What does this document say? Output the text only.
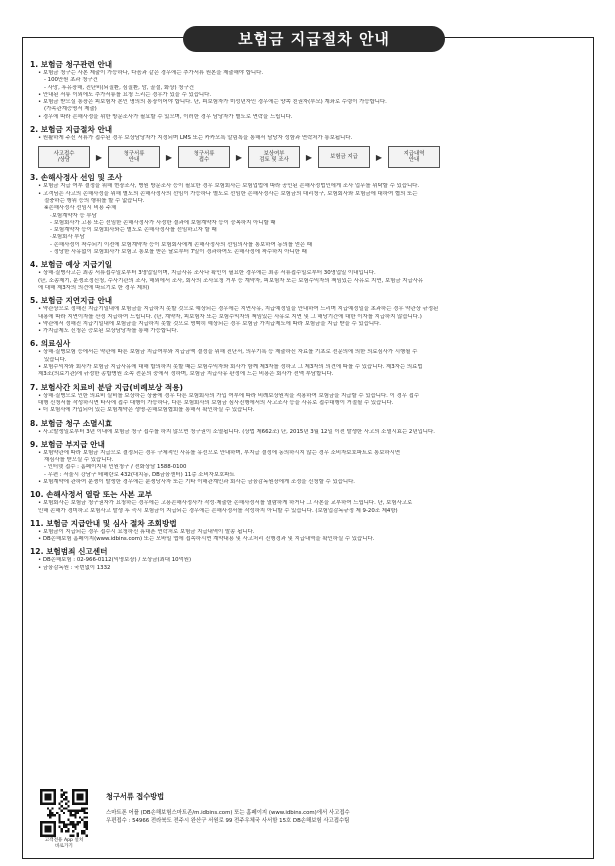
보험금 지급절차 안내
1. 보험금 청구관련 안내
• 보험금 청구는 사본 제출이 가능하나, 다음과 같은 경우에는 추가서류 원본을 제출해야 합니다.
- 100만원 초과 청구건
- 사망, 후유장해, 진단비(뇌질환, 심질환, 암, 골절, 화상) 청구건
• 안내된 서류 이외에도 추가서류를 요청 드리는 경우가 있을 수 있습니다.
• 보험금 받으실 통장은 피보험자 본인 명의의 통장이어야 합니다. 단, 피보험자가 미성년자인 경우에는 양쪽 친권자(부모) 계좌로 수령이 가능합니다.
(가족관계증명서 제출)
• 경우에 따라 손해사정을 위한 방문조사가 필요할 수 있으며, 이러한 경우 담당자가 별도로 연락을 드립니다.
2. 보험금 지급절차 안내
• 원활하게 주신 서류가 접수된 경우 보상담당자가 지정되며 LMS 또는 카카오톡 알림톡을 통해서 담당자 성함과 연락처가 통보됩니다.
사고접수
/상담	▶	청구서류
안내	▶	청구서류
접수	▶	보상여부
검토 및 조사	▶	보험금 지급	▶	지급내역
안내
3. 손해사정사 선임 및 조사
• 보험금 지급 여부 결정을 위해 현장조사, 병원 방문조사 등이 필요한 경우 보험회사는 보험업법에 따라 공인된 손해사정법인에게 조사 업무를 위탁할 수 있습니다.
• 고객님은 사고의 손해사정을 위해 별도의 손해사정사의 선임이 가능하나 별도로 선임한 손해사정사는 보험금의 대리청구, 보험회사와 보험금에 대하여 협의 또는
절충하는 행위 등의 행위를 할 수 없습니다.
※손해사정사 선임시 비용 주체
·보험계약자 등 부담
- 보험회사가 고용 또는 선임한 손해사정사가 사정한 결과에 보험계약자 등이 승복하지 아니할 때
- 보험계약자 등이 보험회사와는 별도로 손해사정사를 선임하고자 할 때
·보험회사 부담
- 손해사정이 착수되기 이전에 보험계약자 등이 보험회사에게 손해사정사의 선임의사를 통보하여 동의를 얻은 때
- 정당한 사유없이 보험회사가 보험고 통보를 받은 날로부터 7일이 경과하여도 손해사정에 착수하지 아니한 때
4. 보험금 예상 지급기일
• 상해·질병사고는 최종 서류접수일로부터 3영업일이며, 지급사유 조사나 확인이 필요한 경우에는 최종 서류접수일로부터 30영업일 이내입니다.
(단, 소송제기, 분쟁조정신청, 수사기관의 조사, 해외에서 조사, 회사의 조사요청 거부 등 계약자, 피보험자 또는 보험수익자의 책임있는 사유로 지연, 보험금 지급사유
에 대해 제3자의 의견에 따르기로 한 경우 제외)
5. 보험금 지연지급 안내
• 약관상으로 정해진 지급기일내에 보험금을 지급하지 못할 것으로 예상되는 경우에는 지연사유, 지급예정일을 안내하여 드리며 지급예정일을 초과하는 경우 약관상 규정된
내용에 따라 지연이자를 산정 지급하여 드립니다. (단, 계약자, 피보험자 또는 보험수익자의 책임있는 사유로 지연 및 그 해당기간에 대한 이자를 지급하지 않습니다.)
• 약관에서 정해진 지급기일내에 보험금을 지급하지 못할 것으로 명백히 예상되는 경우 보험금 가지급제도에 따라 보험금을 지급 받을 수 있습니다.
• 가지급제도 신청은 증보된 보상담당자를 통해 가능합니다.
6. 의료심사
• 상해·질병보험 등에서는 약관에 따른 보험금 지급여부와 지급금액 결정을 위해 진단서, 의무기록 등 제출하신 자료를 기초로 전문의에 의한 의료심사가 시행될 수
있습니다.
• 보험수익자와 회사가 보험금 지급사유에 대해 합의하지 못할 때는 보험수익자와 회사가 함께 제3자를 정하고 그 제3자의 의견에 따를 수 있습니다. 제3자는 의료법
제3조(의료기관)에 규정한 종합병원 소속 전문의 중에서 정하며, 보험금 지급사유 판정에 드는 비용은 회사가 전액 부담합니다.
7. 보험사간 치료비 분담 지급(비례보상 적용)
• 상해·질병으로 인한 의료비 실비를 보상하는 상품에 경우 다른 보험회사의 가입 여부에 따라 비례보상원칙을 적용하여 보험금을 지급할 수 있습니다. 이 경우 접수
대행 신청서를 작성하시면 타사에 접수 대행이 가능하나, 다른 보험회사의 보험금 심사진행에서의 사고조사 등을 사유로 접수대행이 거절될 수 있습니다.
• 더 보험사에 가입되어 있는 보험계약은 생명·손해보험협회를 통해서 확인하실 수 있습니다.
8. 보험금 청구 소멸시효
• 사고발생일로부터 3년 이내에 보험금 청구 접수를 하지 않으면 청구권이 소멸됩니다. (상법 제662조) 단, 2015년 3월 12일 이전 발생한 사고의 소멸시효는 2년입니다.
9. 보험금 부지급 안내
• 보험약관에 따라 보험금 지급으로 결정되는 경우 구체적인 사유를 유선으로 안내하며, 부지급 결정에 동의하시지 않는 경우 소비자보호파트로 통보하시면
재심사를 받으실 수 있습니다.
- 인터넷 접수 : 홈페이지내 민원청구 / 전화상담 1588-0100
- 우편 : 서울시 강남구 테헤란로 432(대치동, DB금융센터) 11층 소비자보호파트
• 보험계약에 관하여 분쟁이 발생한 경우에는 분쟁당사자 또는 기타 이해관계인과 회사는 금융감독원장에게 조정을 신청할 수 있습니다.
10. 손해사정서 열람 또는 사본 교부
• 보험회사는 보험금 청구권자가 요청하는 경우에는 고용손해사정사가 작성·제출한 손해사정서를 열람하게 하거나 그 사본을 교부하여 드립니다. 단, 보험사고로
인해 손해가 경미하고 보험사고 발생 후 즉시 보험금이 지급되는 경우에는 손해사정서를 작성하지 아니할 수 있습니다. (보험업감독규정 제 9-20조 제4항)
11. 보험금 지급안내 및 심사 절차 조회방법
• 보험금이 지급되는 경우 접수시 요청하신 휴대폰 연락처로 보험금 지급내역이 발송 됩니다.
• DB손해보험 홈페이지(www.idbins.com) 또는 모바일 앱에 접속하시면 계약내용 및 사고처리 진행경과 및 지급내역을 확인하실 수 있습니다.
12. 보험범죄 신고센터
• DB손해보험 : 02-966-0112(익명보장) / 포상금(최대 10억원)
• 금융감독원 : 국번없이 1332
고객전용 App 설치
바로가기
청구서류 접수방법
스마트폰 어플 (DB손해보험스마트존/m.idbins.com) 또는 홈페이지 (www.idbins.com)에서 사고접수
우편접수 : 54966 전라북도 전주시 완산구 서원로 99 전주우체국 사서함 15호 DB손해보험 사고접수팀
